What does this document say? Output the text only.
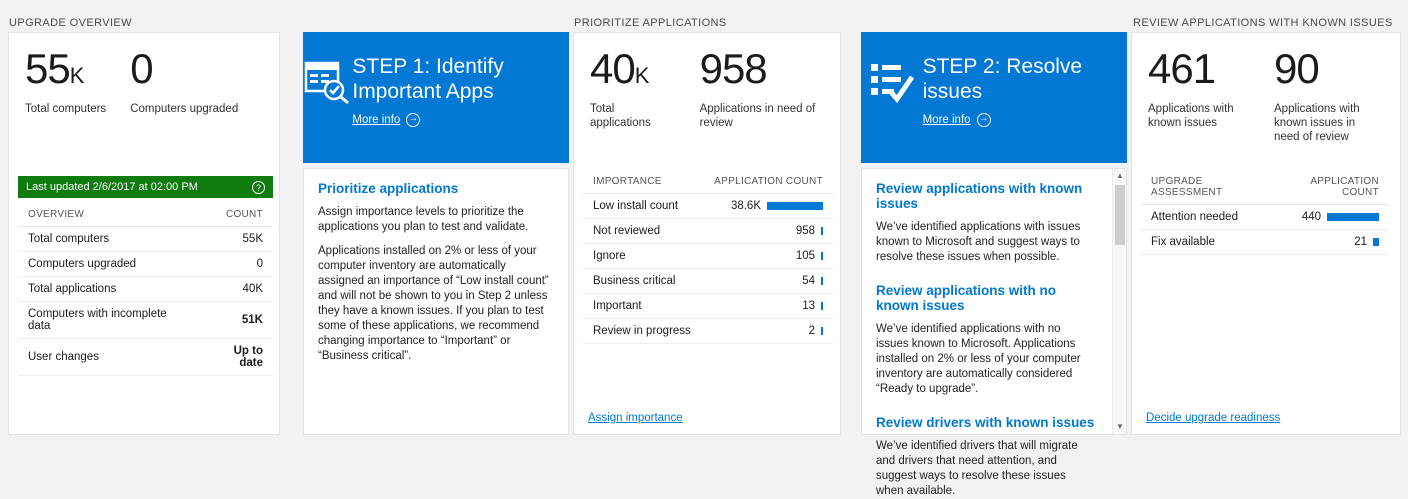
UPGRADE OVERVIEW	PRIORITIZE APPLICATIONS	REVIEW APPLICATIONS WITH KNOWN ISSUES
55K
Total computers
0
Computers upgraded
Last updated 2/6/2017 at 02:00 PM	?
OVERVIEW	COUNT
Total computers	55K
Computers upgraded	0
Total applications	40K
Computers with incomplete data	51K
User changes	Up to date
STEP 1: Identify Important Apps
More info
→
Prioritize applications
Assign importance levels to prioritize the applications you plan to test and validate.
Applications installed on 2% or less of your computer inventory are automatically assigned an importance of “Low install count” and will not be shown to you in Step 2 unless they have a known issues. If you plan to test some of these applications, we recommend changing importance to “Important” or “Business critical”.
40K
Total applications
958
Applications in need of review
IMPORTANCE	APPLICATION COUNT
Low install count	38.6K

Not reviewed	958

Ignore	105

Business critical	54

Important	13

Review in progress	2
Assign importance
STEP 2: Resolve issues
More info
→
Review applications with known issues
We’ve identified applications with issues known to Microsoft and suggest ways to resolve these issues when possible.
Review applications with no known issues
We’ve identified applications with no issues known to Microsoft. Applications installed on 2% or less of your computer inventory are automatically considered “Ready to upgrade”.
Review drivers with known issues
We’ve identified drivers that will migrate and drivers that need attention, and suggest ways to resolve these issues when available.
▲
▼
461
Applications with known issues
90
Applications with known issues in need of review
UPGRADE ASSESSMENT	APPLICATION COUNT
Attention needed	440

Fix available	21
Decide upgrade readiness
